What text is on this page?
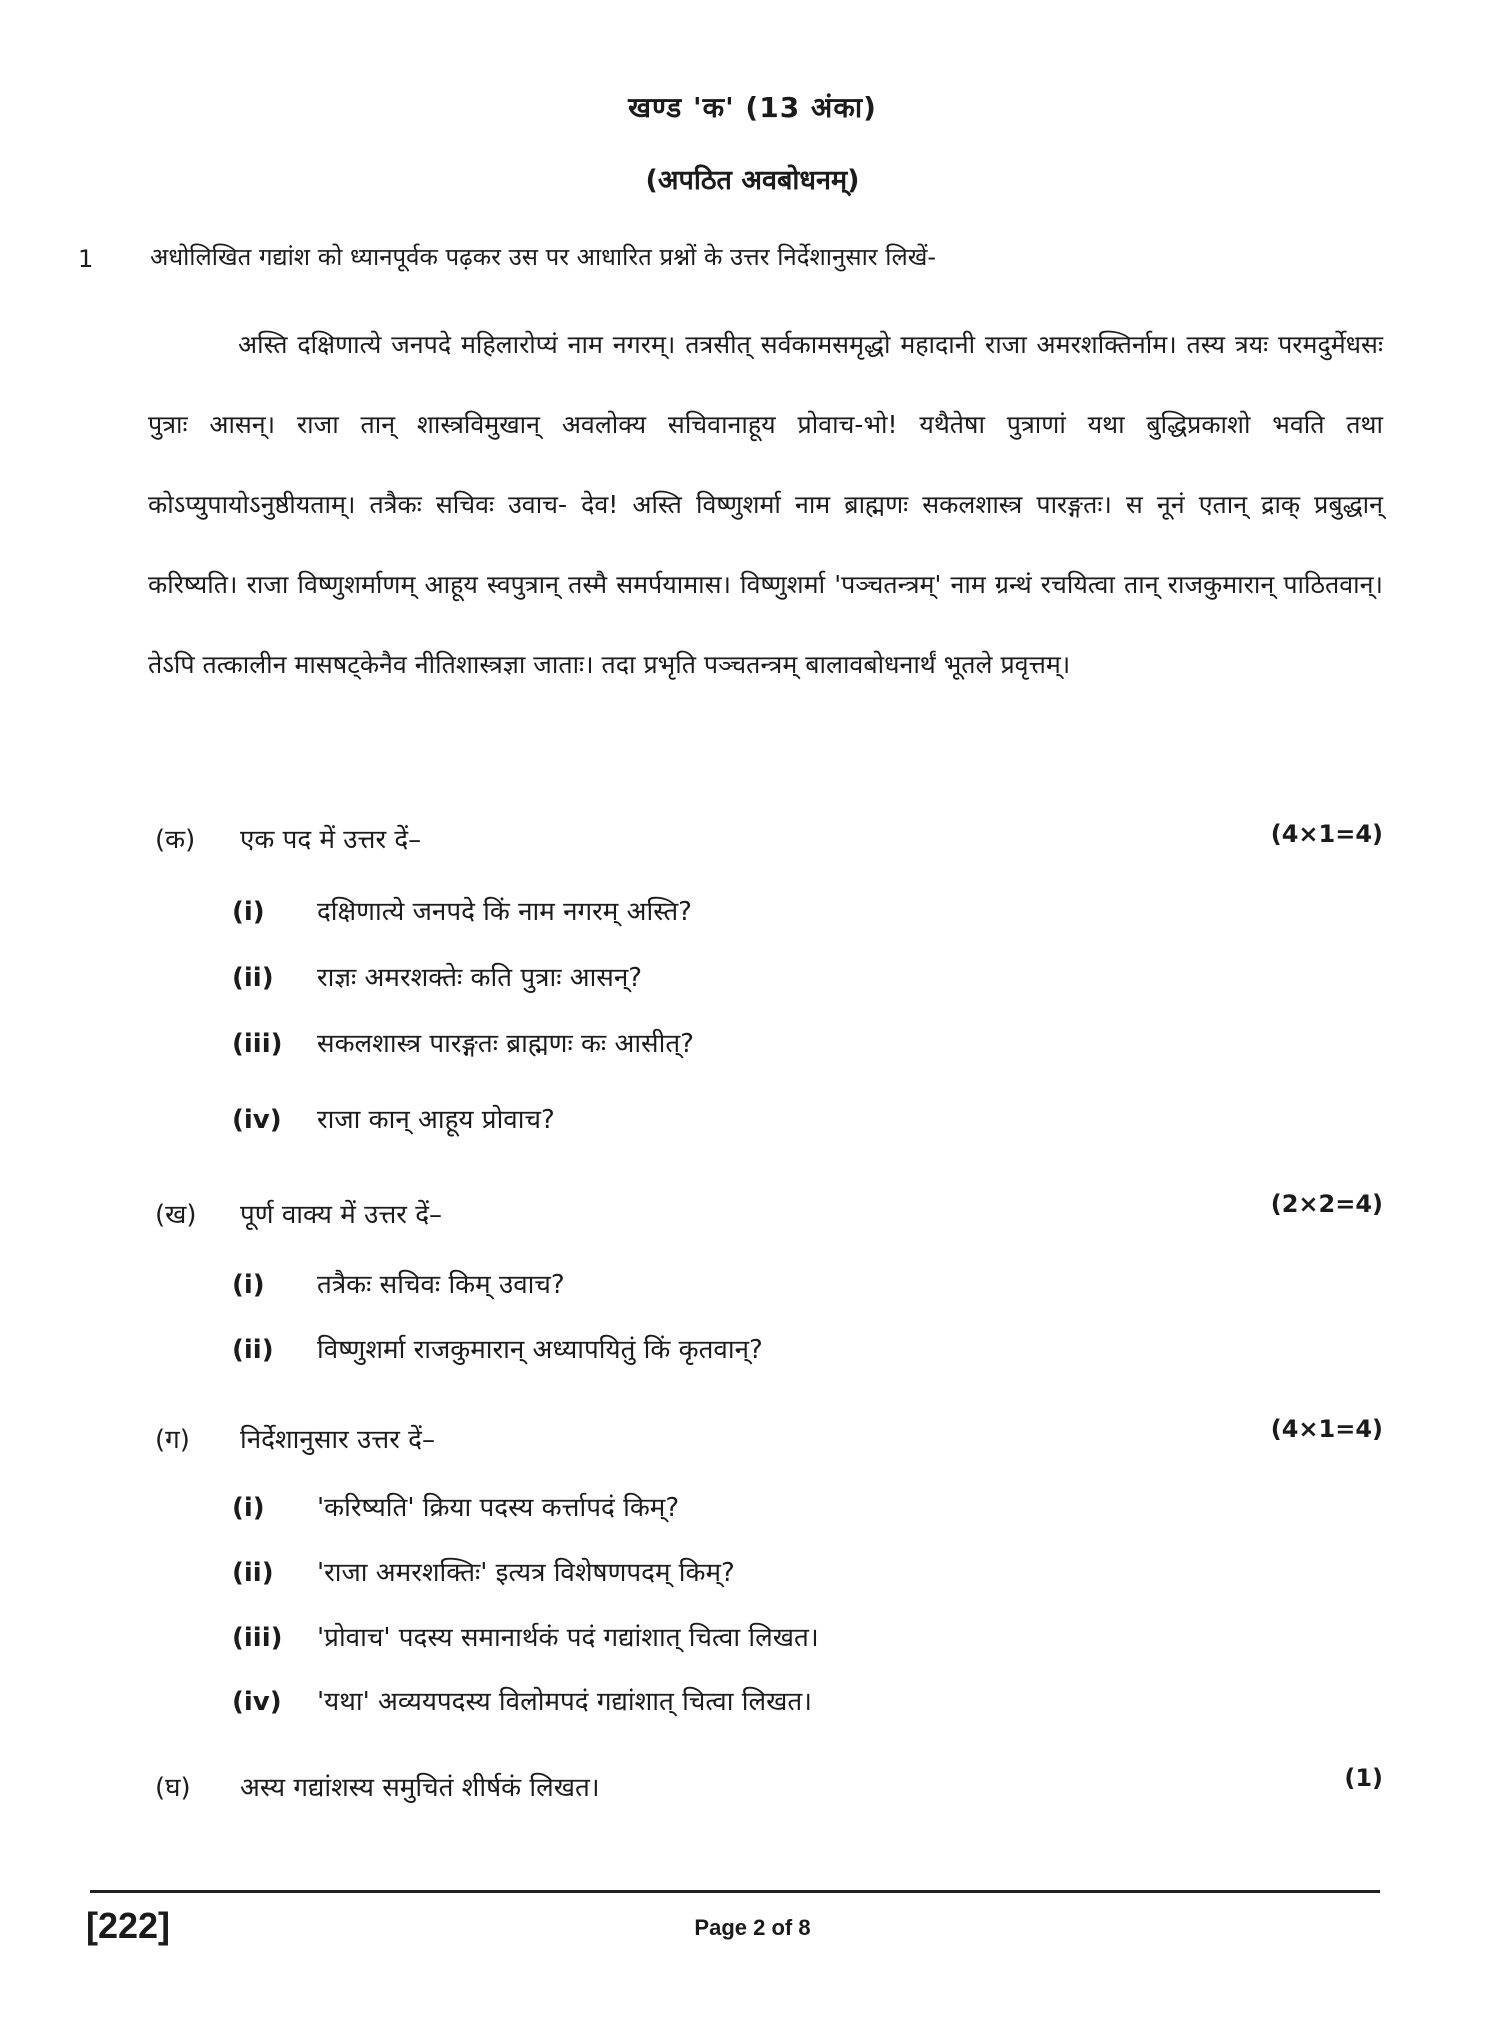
खण्ड 'क' (13 अंका)
(अपठित अवबोधनम्)
1 अधोलिखित गद्यांश को ध्यानपूर्वक पढ़कर उस पर आधारित प्रश्नों के उत्तर निर्देशानुसार लिखें-
अस्ति दक्षिणात्ये जनपदे महिलारोप्यं नाम नगरम्। तत्रसीत् सर्वकामसमृद्धो महादानी राजा अमरशक्तिर्नाम। तस्य त्रयः परमदुर्मेधसः पुत्राः आसन्। राजा तान् शास्त्रविमुखान् अवलोक्य सचिवानाहूय प्रोवाच-भो! यथैतेषा पुत्राणां यथा बुद्धिप्रकाशो भवति तथा कोऽप्युपायोऽनुष्ठीयताम्। तत्रैकः सचिवः उवाच- देव! अस्ति विष्णुशर्मा नाम ब्राह्मणः सकलशास्त्र पारङ्गतः। स नूनं एतान् द्राक् प्रबुद्धान् करिष्यति। राजा विष्णुशर्माणम् आहूय स्वपुत्रान् तस्मै समर्पयामास। विष्णुशर्मा 'पञ्चतन्त्रम्' नाम ग्रन्थं रचयित्वा तान् राजकुमारान् पाठितवान्। तेऽपि तत्कालीन मासषट्केनैव नीतिशास्त्रज्ञा जाताः। तदा प्रभृति पञ्चतन्त्रम् बालावबोधनार्थं भूतले प्रवृत्तम्।
(क) एक पद में उत्तर दें–	(4×1=4)
(i) दक्षिणात्ये जनपदे किं नाम नगरम् अस्ति?
(ii) राज्ञः अमरशक्तेः कति पुत्राः आसन्?
(iii) सकलशास्त्र पारङ्गतः ब्राह्मणः कः आसीत्?
(iv) राजा कान् आहूय प्रोवाच?
(ख) पूर्ण वाक्य में उत्तर दें–	(2×2=4)
(i) तत्रैकः सचिवः किम् उवाच?
(ii) विष्णुशर्मा राजकुमारान् अध्यापयितुं किं कृतवान्?
(ग) निर्देशानुसार उत्तर दें–	(4×1=4)
(i) 'करिष्यति' क्रिया पदस्य कर्त्तापदं किम्?
(ii) 'राजा अमरशक्तिः' इत्यत्र विशेषणपदम् किम्?
(iii) 'प्रोवाच' पदस्य समानार्थकं पदं गद्यांशात् चित्वा लिखत।
(iv) 'यथा' अव्ययपदस्य विलोमपदं गद्यांशात् चित्वा लिखत।
(घ) अस्य गद्यांशस्य समुचितं शीर्षकं लिखत।	(1)
[222]	Page 2 of 8
